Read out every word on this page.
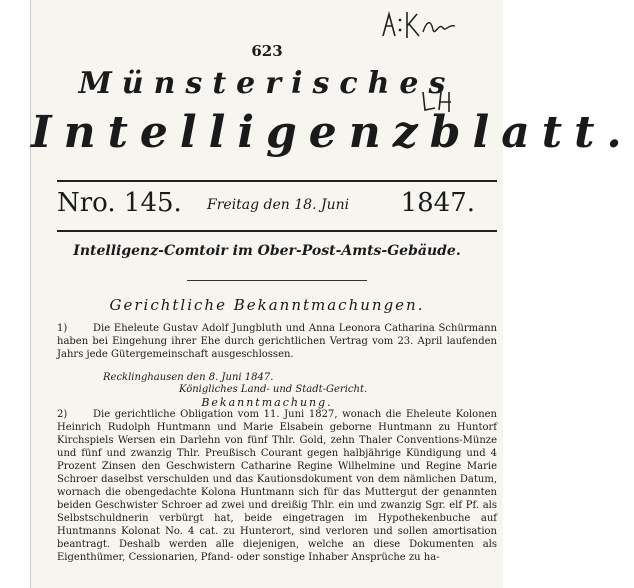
623
Münsterisches
Intelligenzblatt.
Nro. 145. Freitag den 18. Juni 1847.
Intelligenz-Comtoir im Ober-Post-Amts-Gebäude.
Gerichtliche Bekanntmachungen.
1)	Die Eheleute Gustav Adolf Jungbluth und Anna Leonora Catharina Schürmann haben bei Eingehung ihrer Ehe durch gerichtlichen Vertrag vom 23. April laufenden Jahrs jede Gütergemeinschaft ausgeschlossen.
Recklinghausen den 8. Juni 1847.
Königliches Land- und Stadt-Gericht.
Bekanntmachung.
2)	Die gerichtliche Obligation vom 11. Juni 1827, wonach die Eheleute Kolonen Heinrich Rudolph Huntmann und Marie Elsabein geborne Huntmann zu Huntorf Kirchspiels Wersen ein Darlehn von fünf Thlr. Gold, zehn Thaler Conventions-Münze und fünf und zwanzig Thlr. Preußisch Courant gegen halbjährige Kündigung und 4 Prozent Zinsen den Geschwistern Catharine Regine Wilhelmine und Regine Marie Schroer daselbst verschulden und das Kautionsdokument von dem nämlichen Datum, wornach die obengedachte Kolona Huntmann sich für das Muttergut der genannten beiden Geschwister Schroer ad zwei und dreißig Thlr. ein und zwanzig Sgr. elf Pf. als Selbstschuldnerin verbürgt hat, beide eingetragen im Hypothekenbuche auf Huntmanns Kolonat No. 4 cat. zu Hunterort, sind verloren und sollen amortisation beantragt. Deshalb werden alle diejenigen, welche an diese Dokumenten als Eigenthümer, Cessionarien, Pfand- oder sonstige Inhaber Ansprüche zu ha-
